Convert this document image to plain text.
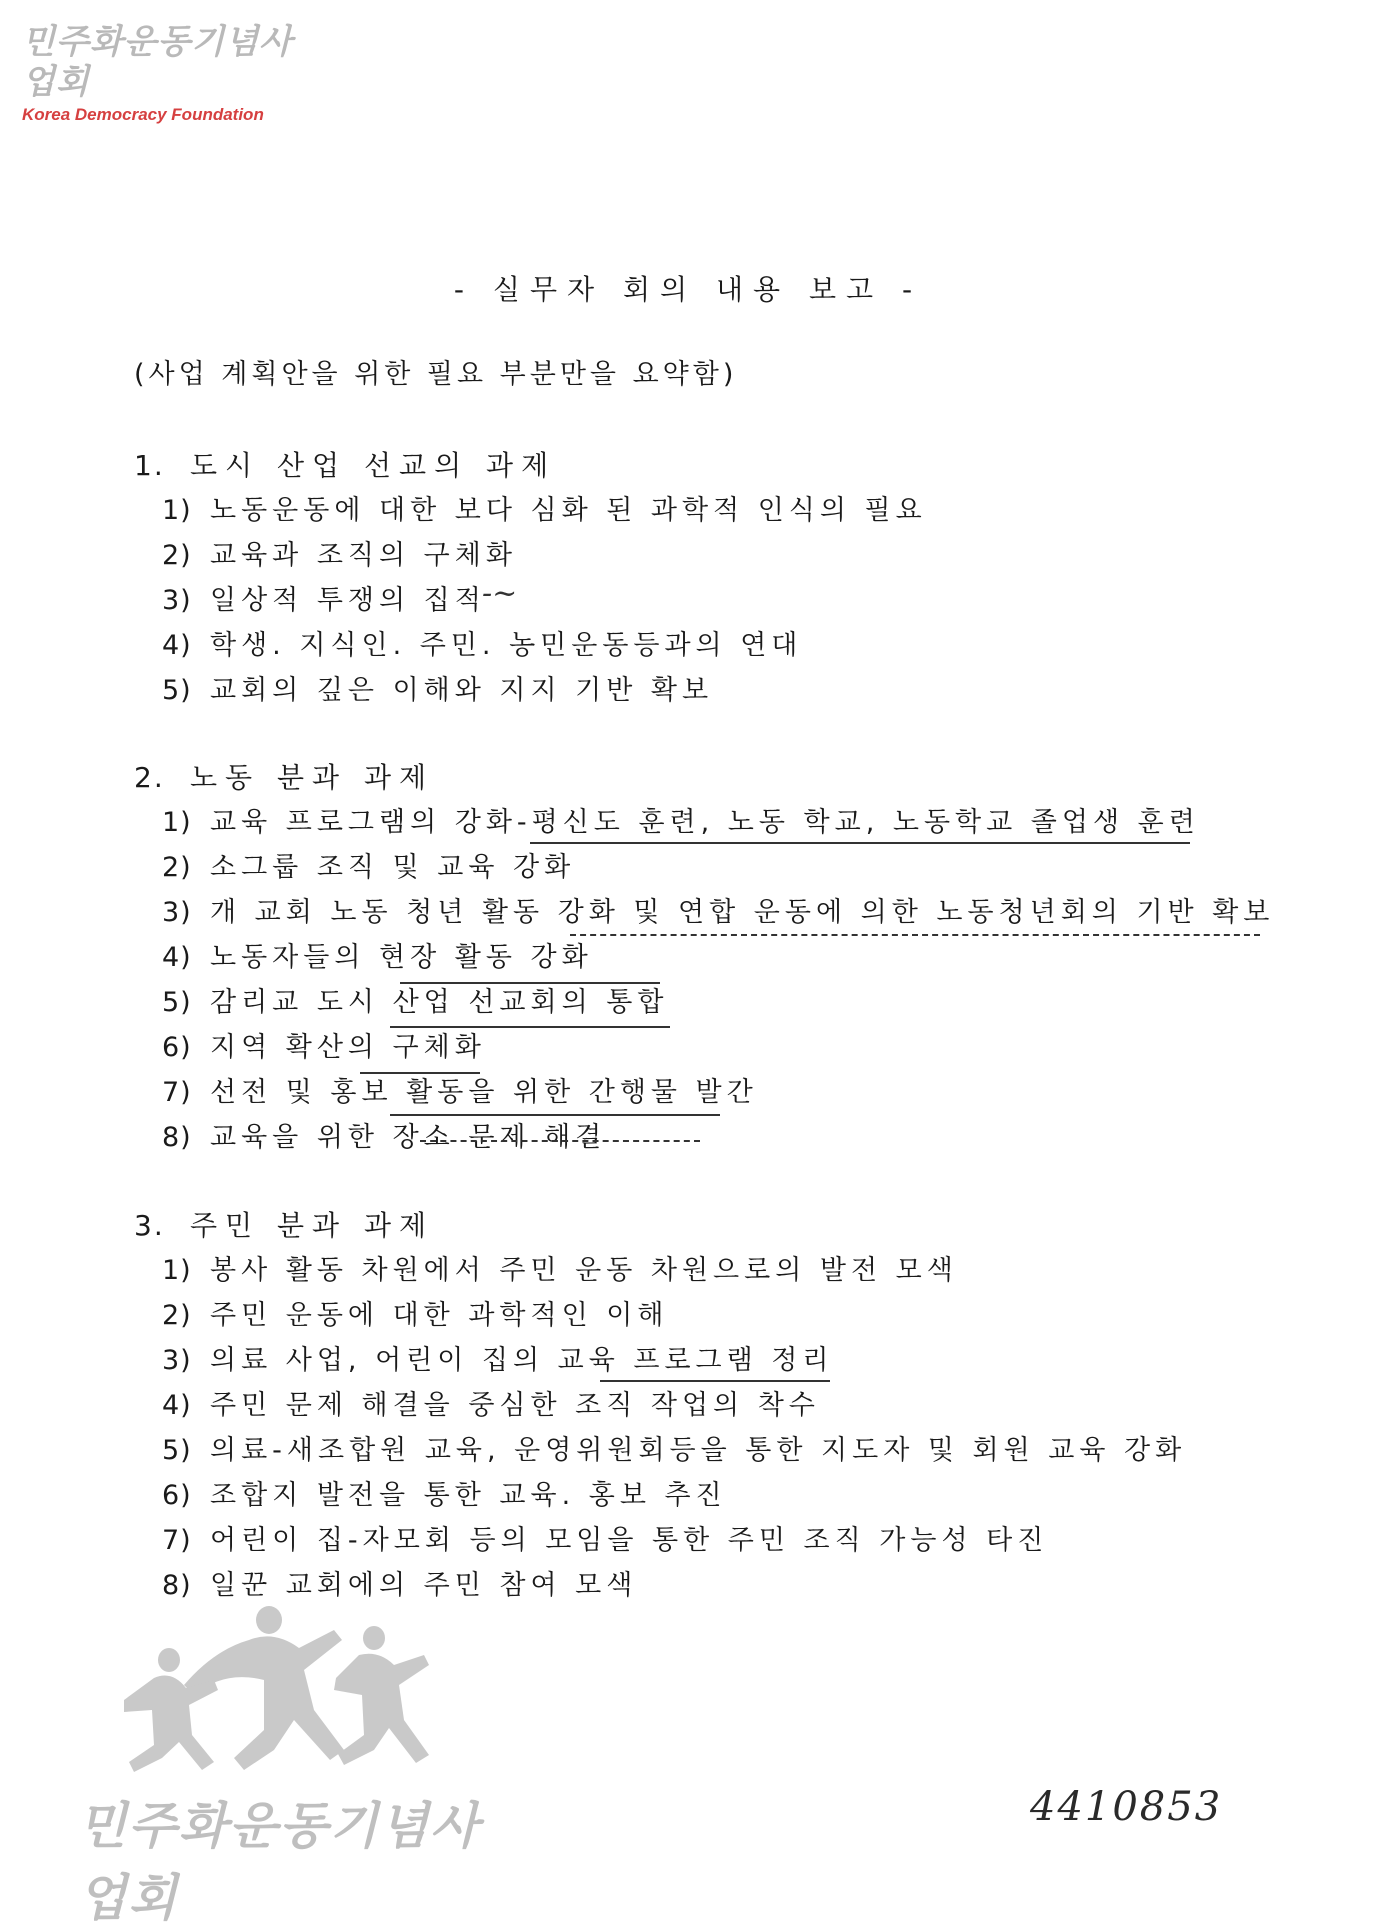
민주화운동기념사업회
Korea Democracy Foundation
- 실무자 회의 내용 보고 -
(사업 계획안을 위한 필요 부분만을 요약함)
1. 도시 산업 선교의 과제
1) 노동운동에 대한 보다 심화 된 과학적 인식의 필요
2) 교육과 조직의 구체화
3) 일상적 투쟁의 집적
4) 학생. 지식인. 주민. 농민운동등과의 연대
5) 교회의 깊은 이해와 지지 기반 확보
2. 노동 분과 과제
1) 교육 프로그램의 강화-평신도 훈련, 노동 학교, 노동학교 졸업생 훈련
2) 소그룹 조직 및 교육 강화
3) 개 교회 노동 청년 활동 강화 및 연합 운동에 의한 노동청년회의 기반 확보
4) 노동자들의 현장 활동 강화
5) 감리교 도시 산업 선교회의 통합
6) 지역 확산의 구체화
7) 선전 및 홍보 활동을 위한 간행물 발간
8) 교육을 위한 장소 문제 해결
3. 주민 분과 과제
1) 봉사 활동 차원에서 주민 운동 차원으로의 발전 모색
2) 주민 운동에 대한 과학적인 이해
3) 의료 사업, 어린이 집의 교육 프로그램 정리
4) 주민 문제 해결을 중심한 조직 작업의 착수
5) 의료-새조합원 교육, 운영위원회등을 통한 지도자 및 회원 교육 강화
6) 조합지 발전을 통한 교육. 홍보 추진
7) 어린이 집-자모회 등의 모임을 통한 주민 조직 가능성 타진
8) 일꾼 교회에의 주민 참여 모색
-~
민주화운동기념사업회
4410853
